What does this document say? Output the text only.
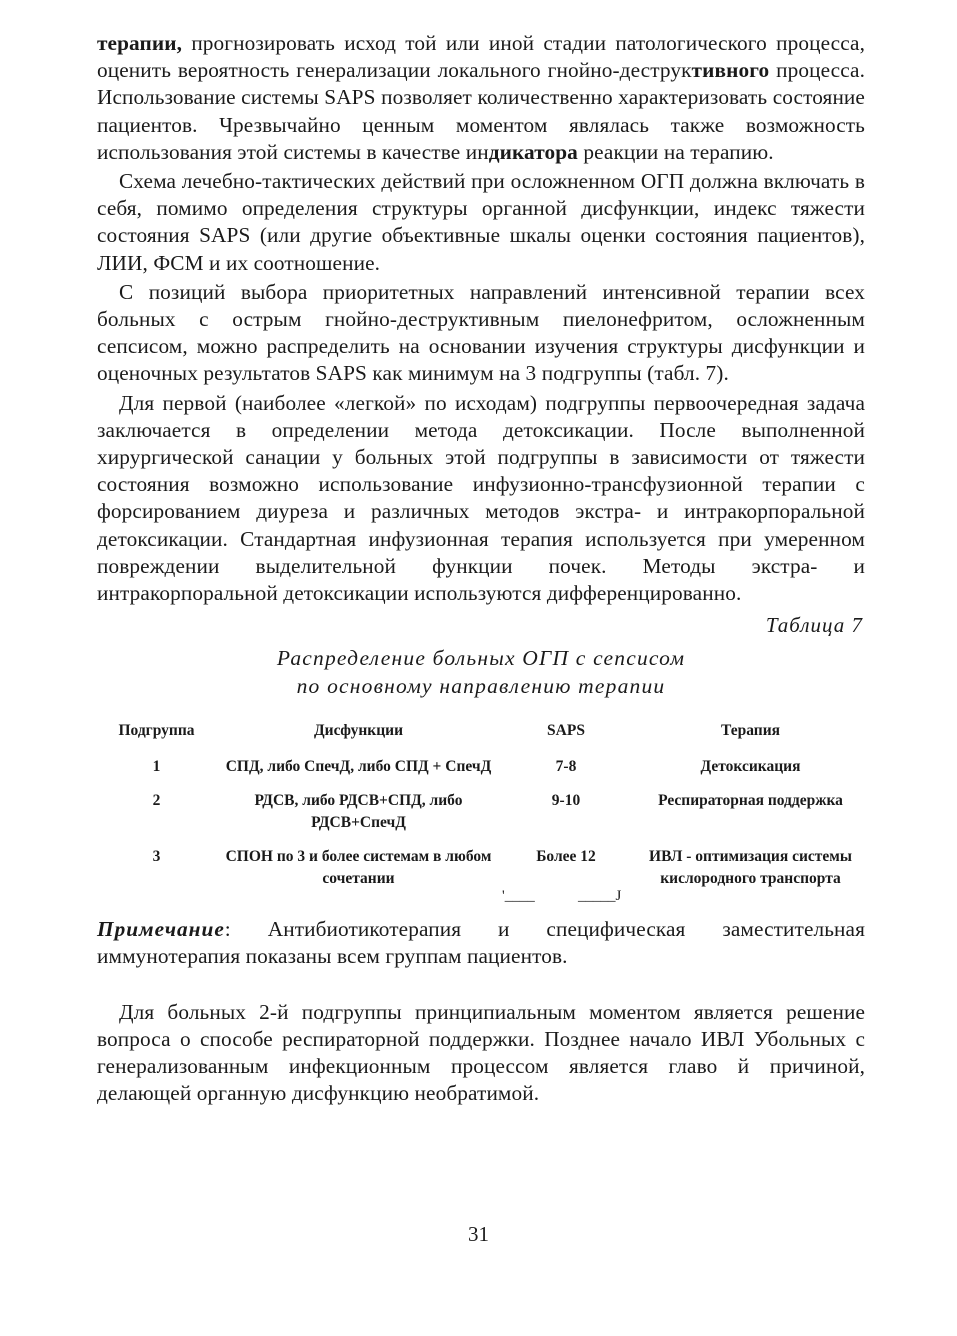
терапии, прогнозировать исход той или иной стадии патологического процесса, оценить вероятность генерализации локального гнойно-деструктивного процесса. Использование системы SAPS позволяет количественно характеризовать состояние пациентов. Чрезвычайно ценным моментом являлась также возможность использования этой системы в качестве индикатора реакции на терапию.

Схема лечебно-тактических действий при осложненном ОГП должна включать в себя, помимо определения структуры органной дисфункции, индекс тяжести состояния SAPS (или другие объективные шкалы оценки состояния пациентов), ЛИИ, ФСМ и их соотношение.

С позиций выбора приоритетных направлений интенсивной терапии всех больных с острым гнойно-деструктивным пиелонефритом, осложненным сепсисом, можно распределить на основании изучения структуры дисфункции и оценочных результатов SAPS как минимум на 3 подгруппы (табл. 7).

Для первой (наиболее «легкой» по исходам) подгруппы первоочередная задача заключается в определении метода детоксикации. После выполненной хирургической санации у больных этой подгруппы в зависимости от тяжести состояния возможно использование инфузионно-трансфузионной терапии с форсированием диуреза и различных методов экстра- и интракорпоральной детоксикации. Стандартная инфузионная терапия используется при умеренном повреждении выделительной функции почек. Методы экстра- и интракорпоральной детоксикации используются дифференцированно.

Таблица 7
Распределение больных ОГП с сепсисом
по основному направлению терапии
Подгруппа	Дисфункции	SAPS	Терапия
1	СПД, либо СпечД, либо СПД + СпечД	7-8	Детоксикация
2	РДСВ, либо РДСВ+СПД, либо РДСВ+СпечД	9-10	Респираторная поддержка
3	СПОН по 3 и более системам в любом сочетании	Более 12	ИВЛ - оптимизация системы кислородного транспорта
'____	_____J

Примечание: Антибиотикотерапия и специфическая заместительная иммунотерапия показаны всем группам пациентов.

Для больных 2-й подгруппы принципиальным моментом является решение вопроса о способе респираторной поддержки. Позднее начало ИВЛ Убольных с генерализованным инфекционным процессом является главо й причиной, делающей органную дисфункцию необратимой.

31
